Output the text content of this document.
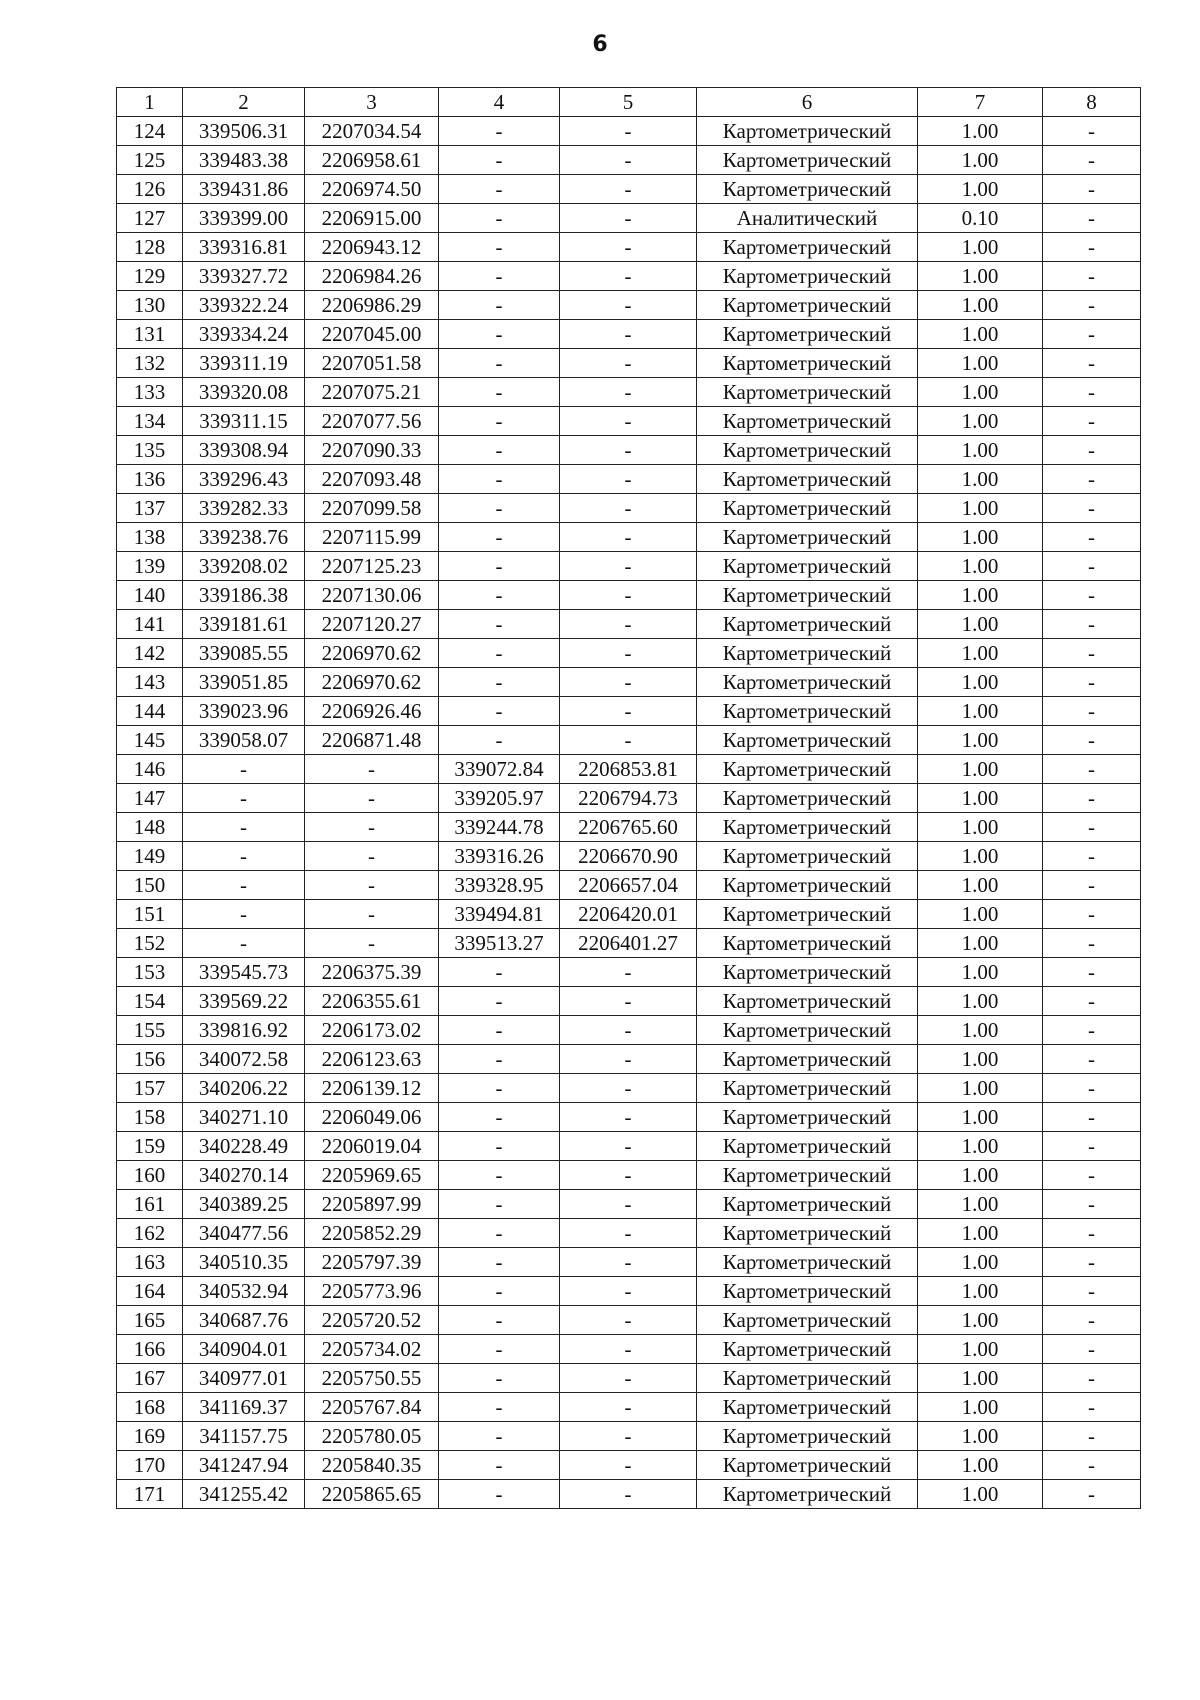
6
1	2	3	4	5	6	7	8
124	339506.31	2207034.54	-	-	Картометрический	1.00	-
125	339483.38	2206958.61	-	-	Картометрический	1.00	-
126	339431.86	2206974.50	-	-	Картометрический	1.00	-
127	339399.00	2206915.00	-	-	Аналитический	0.10	-
128	339316.81	2206943.12	-	-	Картометрический	1.00	-
129	339327.72	2206984.26	-	-	Картометрический	1.00	-
130	339322.24	2206986.29	-	-	Картометрический	1.00	-
131	339334.24	2207045.00	-	-	Картометрический	1.00	-
132	339311.19	2207051.58	-	-	Картометрический	1.00	-
133	339320.08	2207075.21	-	-	Картометрический	1.00	-
134	339311.15	2207077.56	-	-	Картометрический	1.00	-
135	339308.94	2207090.33	-	-	Картометрический	1.00	-
136	339296.43	2207093.48	-	-	Картометрический	1.00	-
137	339282.33	2207099.58	-	-	Картометрический	1.00	-
138	339238.76	2207115.99	-	-	Картометрический	1.00	-
139	339208.02	2207125.23	-	-	Картометрический	1.00	-
140	339186.38	2207130.06	-	-	Картометрический	1.00	-
141	339181.61	2207120.27	-	-	Картометрический	1.00	-
142	339085.55	2206970.62	-	-	Картометрический	1.00	-
143	339051.85	2206970.62	-	-	Картометрический	1.00	-
144	339023.96	2206926.46	-	-	Картометрический	1.00	-
145	339058.07	2206871.48	-	-	Картометрический	1.00	-
146	-	-	339072.84	2206853.81	Картометрический	1.00	-
147	-	-	339205.97	2206794.73	Картометрический	1.00	-
148	-	-	339244.78	2206765.60	Картометрический	1.00	-
149	-	-	339316.26	2206670.90	Картометрический	1.00	-
150	-	-	339328.95	2206657.04	Картометрический	1.00	-
151	-	-	339494.81	2206420.01	Картометрический	1.00	-
152	-	-	339513.27	2206401.27	Картометрический	1.00	-
153	339545.73	2206375.39	-	-	Картометрический	1.00	-
154	339569.22	2206355.61	-	-	Картометрический	1.00	-
155	339816.92	2206173.02	-	-	Картометрический	1.00	-
156	340072.58	2206123.63	-	-	Картометрический	1.00	-
157	340206.22	2206139.12	-	-	Картометрический	1.00	-
158	340271.10	2206049.06	-	-	Картометрический	1.00	-
159	340228.49	2206019.04	-	-	Картометрический	1.00	-
160	340270.14	2205969.65	-	-	Картометрический	1.00	-
161	340389.25	2205897.99	-	-	Картометрический	1.00	-
162	340477.56	2205852.29	-	-	Картометрический	1.00	-
163	340510.35	2205797.39	-	-	Картометрический	1.00	-
164	340532.94	2205773.96	-	-	Картометрический	1.00	-
165	340687.76	2205720.52	-	-	Картометрический	1.00	-
166	340904.01	2205734.02	-	-	Картометрический	1.00	-
167	340977.01	2205750.55	-	-	Картометрический	1.00	-
168	341169.37	2205767.84	-	-	Картометрический	1.00	-
169	341157.75	2205780.05	-	-	Картометрический	1.00	-
170	341247.94	2205840.35	-	-	Картометрический	1.00	-
171	341255.42	2205865.65	-	-	Картометрический	1.00	-
